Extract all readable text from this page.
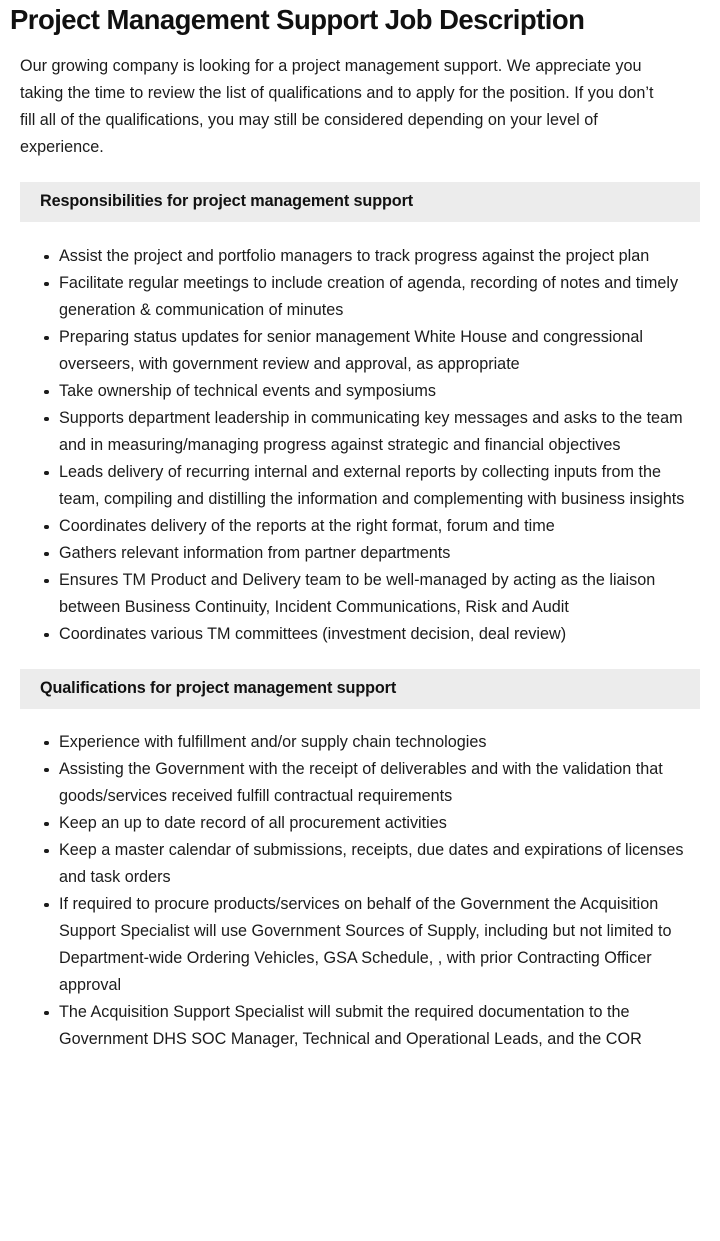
Project Management Support Job Description

Our growing company is looking for a project management support. We appreciate you taking the time to review the list of qualifications and to apply for the position. If you don’t fill all of the qualifications, you may still be considered depending on your level of experience.

Responsibilities for project management support
Assist the project and portfolio managers to track progress against the project plan
Facilitate regular meetings to include creation of agenda, recording of notes and timely generation & communication of minutes
Preparing status updates for senior management White House and congressional overseers, with government review and approval, as appropriate
Take ownership of technical events and symposiums
Supports department leadership in communicating key messages and asks to the team and in measuring/managing progress against strategic and financial objectives
Leads delivery of recurring internal and external reports by collecting inputs from the team, compiling and distilling the information and complementing with business insights
Coordinates delivery of the reports at the right format, forum and time
Gathers relevant information from partner departments
Ensures TM Product and Delivery team to be well-managed by acting as the liaison between Business Continuity, Incident Communications, Risk and Audit
Coordinates various TM committees (investment decision, deal review)
Qualifications for project management support
Experience with fulfillment and/or supply chain technologies
Assisting the Government with the receipt of deliverables and with the validation that goods/services received fulfill contractual requirements
Keep an up to date record of all procurement activities
Keep a master calendar of submissions, receipts, due dates and expirations of licenses and task orders
If required to procure products/services on behalf of the Government the Acquisition Support Specialist will use Government Sources of Supply, including but not limited to Department-wide Ordering Vehicles, GSA Schedule, , with prior Contracting Officer approval
The Acquisition Support Specialist will submit the required documentation to the Government DHS SOC Manager, Technical and Operational Leads, and the COR
